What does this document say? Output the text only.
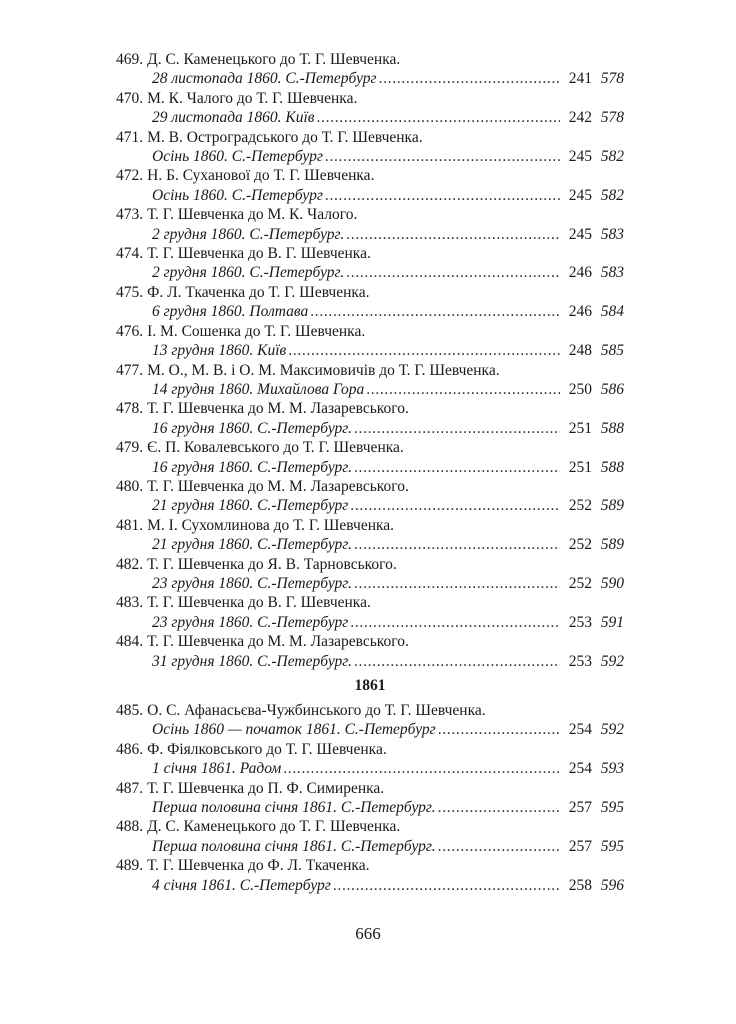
469. Д. С. Каменецького до Т. Г. Шевченка.
28 листопада 1860. С.-Петербург . . .	241 578
470. М. К. Чалого до Т. Г. Шевченка.
29 листопада 1860. Київ . . .	242 578
471. М. В. Остроградського до Т. Г. Шевченка.
Осінь 1860. С.-Петербург . . .	245 582
472. Н. Б. Суханової до Т. Г. Шевченка.
Осінь 1860. С.-Петербург . . .	245 582
473. Т. Г. Шевченка до М. К. Чалого.
2 грудня 1860. С.-Петербург. . . .	245 583
474. Т. Г. Шевченка до В. Г. Шевченка.
2 грудня 1860. С.-Петербург. . . .	246 583
475. Ф. Л. Ткаченка до Т. Г. Шевченка.
6 грудня 1860. Полтава . . .	246 584
476. І. М. Сошенка до Т. Г. Шевченка.
13 грудня 1860. Київ . . .	248 585
477. М. О., М. В. і О. М. Максимовичів до Т. Г. Шевченка.
14 грудня 1860. Михайлова Гора . . .	250 586
478. Т. Г. Шевченка до М. М. Лазаревського.
16 грудня 1860. С.-Петербург. . . .	251 588
479. Є. П. Ковалевського до Т. Г. Шевченка.
16 грудня 1860. С.-Петербург. . . .	251 588
480. Т. Г. Шевченка до М. М. Лазаревського.
21 грудня 1860. С.-Петербург . . .	252 589
481. М. І. Сухомлинова до Т. Г. Шевченка.
21 грудня 1860. С.-Петербург. . . .	252 589
482. Т. Г. Шевченка до Я. В. Тарновського.
23 грудня 1860. С.-Петербург. . . .	252 590
483. Т. Г. Шевченка до В. Г. Шевченка.
23 грудня 1860. С.-Петербург . . .	253 591
484. Т. Г. Шевченка до М. М. Лазаревського.
31 грудня 1860. С.-Петербург. . . .	253 592
1861
485. О. С. Афанасьєва-Чужбинського до Т. Г. Шевченка.
Осінь 1860 — початок 1861. С.-Петербург . . .	254 592
486. Ф. Фіялковського до Т. Г. Шевченка.
1 січня 1861. Радом . . .	254 593
487. Т. Г. Шевченка до П. Ф. Симиренка.
Перша половина січня 1861. С.-Петербург. . . .	257 595
488. Д. С. Каменецького до Т. Г. Шевченка.
Перша половина січня 1861. С.-Петербург. . . .	257 595
489. Т. Г. Шевченка до Ф. Л. Ткаченка.
4 січня 1861. С.-Петербург . . .	258 596
666
